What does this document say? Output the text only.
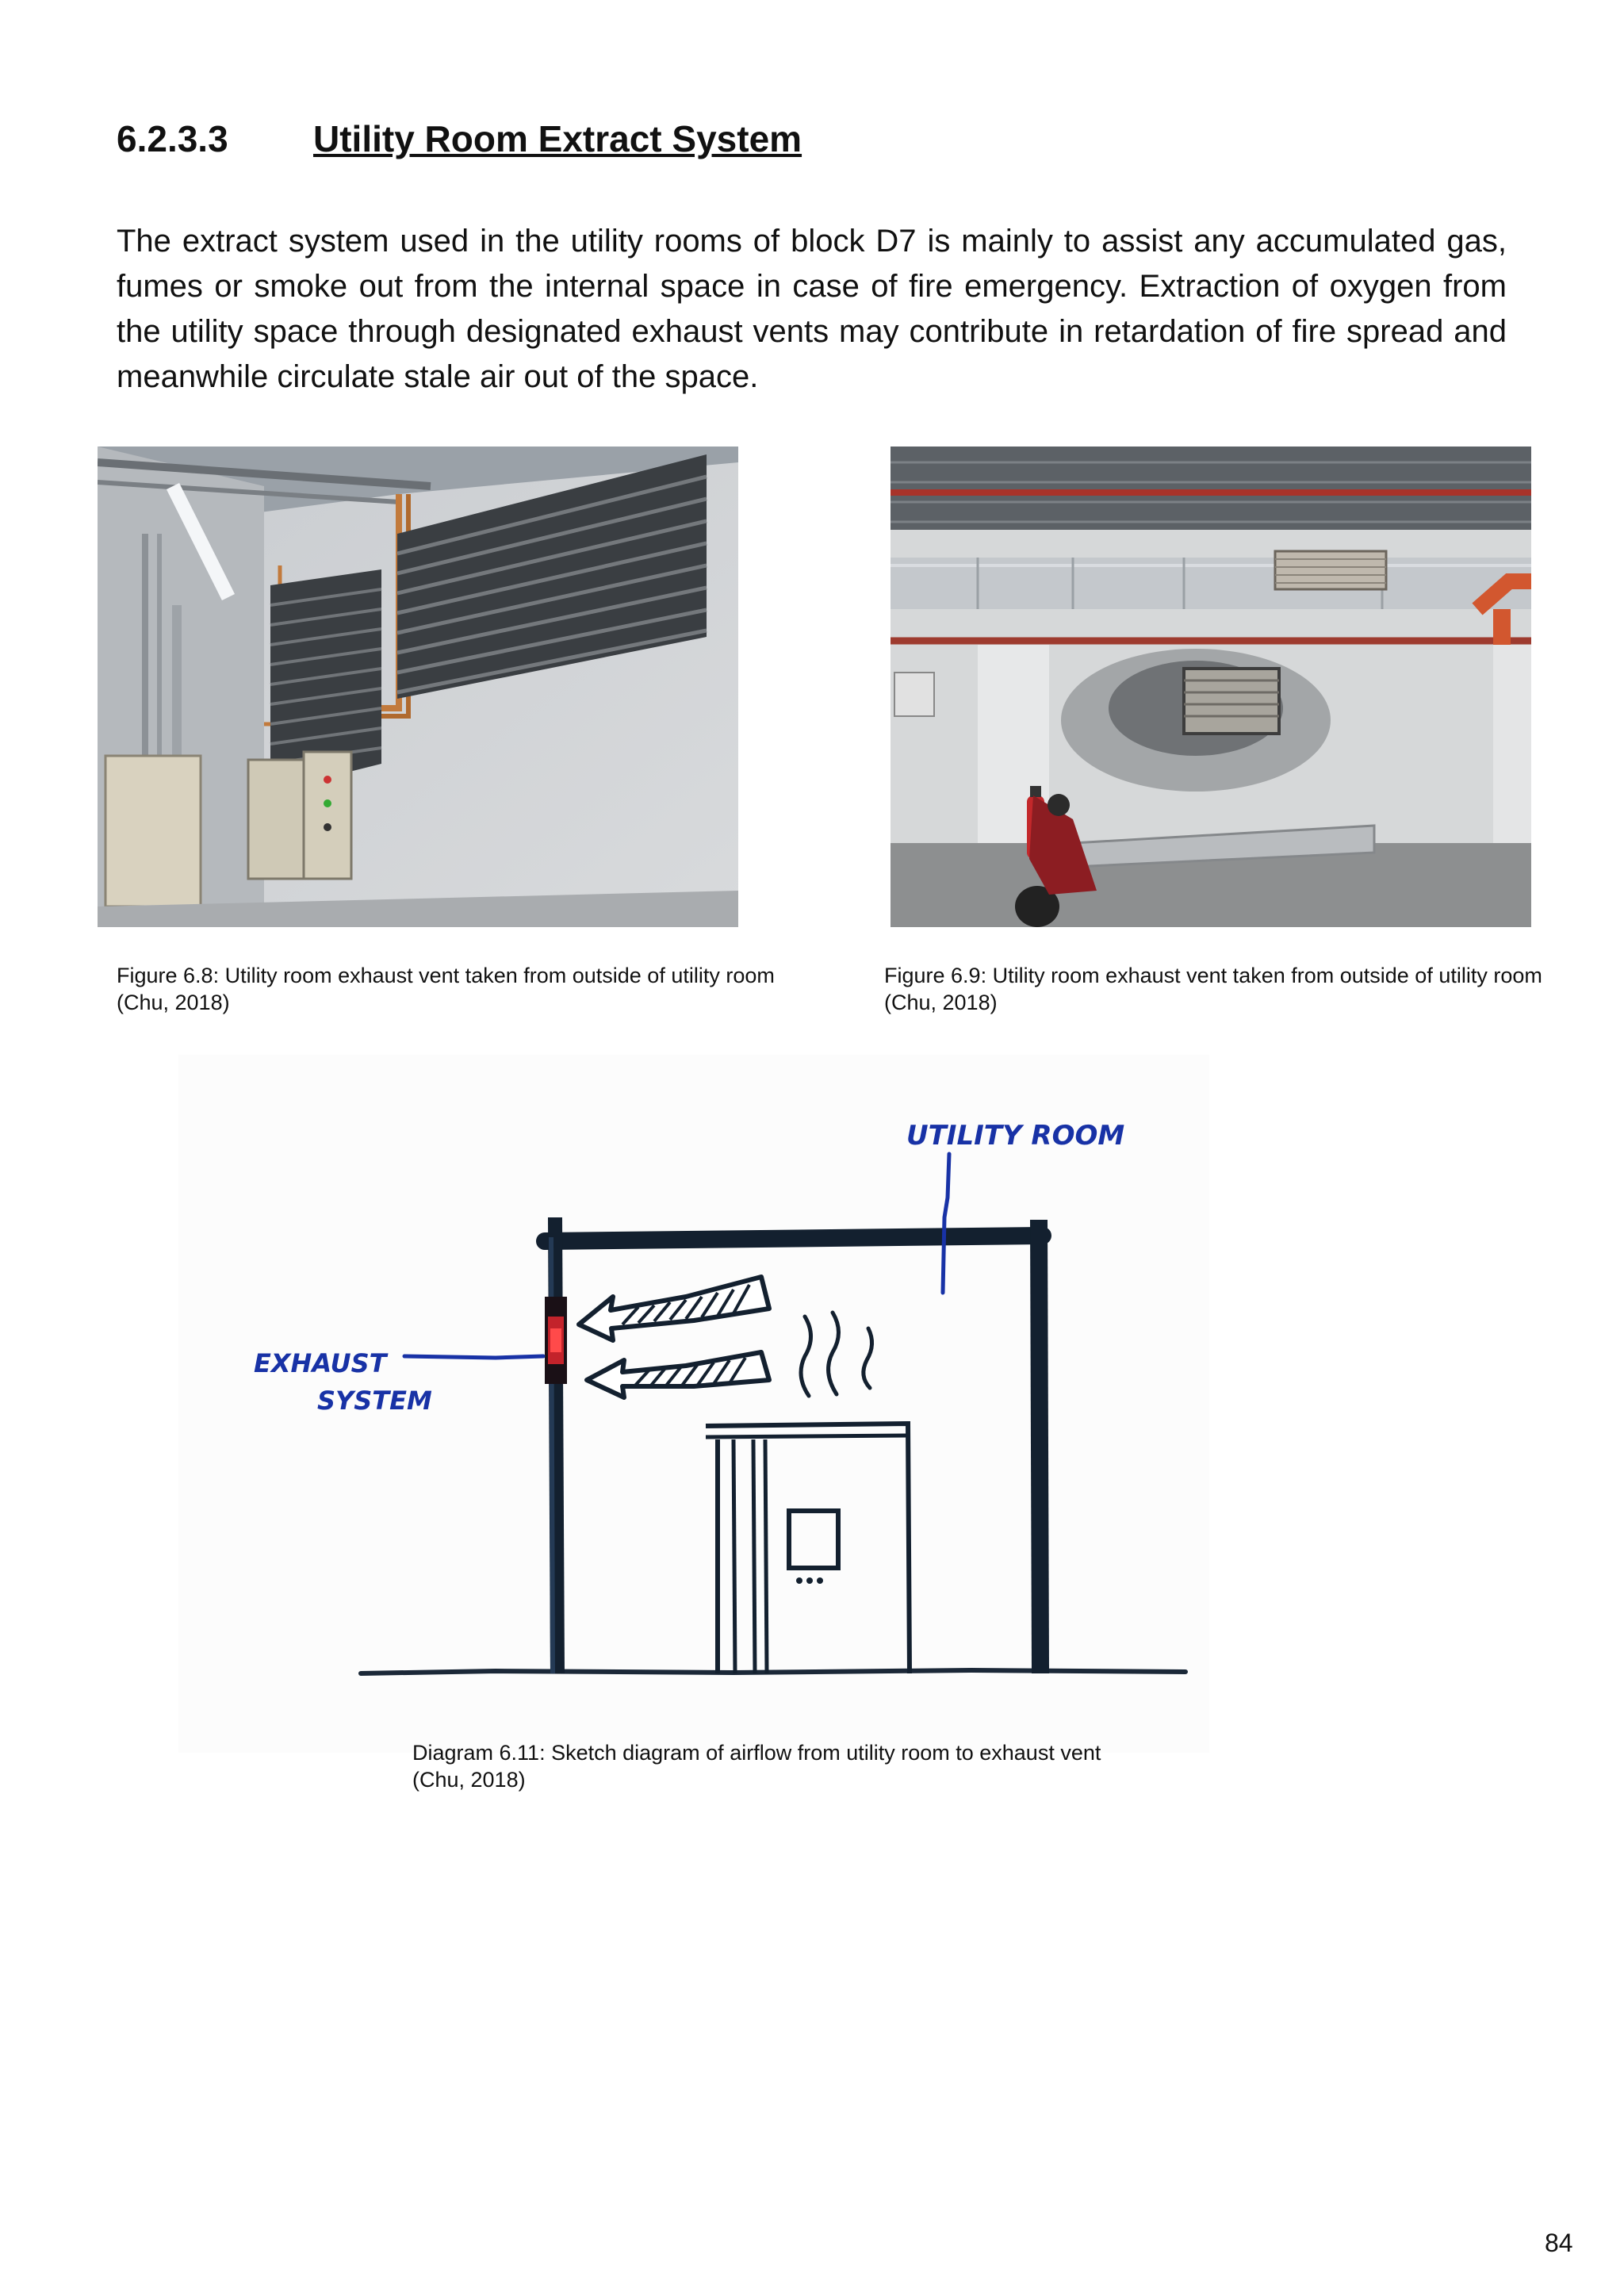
6.2.3.3 Utility Room Extract System

The extract system used in the utility rooms of block D7 is mainly to assist any accumulated gas, fumes or smoke out from the internal space in case of fire emergency. Extraction of oxygen from the utility space through designated exhaust vents may contribute in retardation of fire spread and meanwhile circulate stale air out of the space.

Figure 6.8: Utility room exhaust vent taken from outside of utility room
(Chu, 2018)
Figure 6.9: Utility room exhaust vent taken from outside of utility room
(Chu, 2018)
UTILITY ROOM
EXHAUST
SYSTEM
Diagram 6.11: Sketch diagram of airflow from utility room to exhaust vent
(Chu, 2018)
84
